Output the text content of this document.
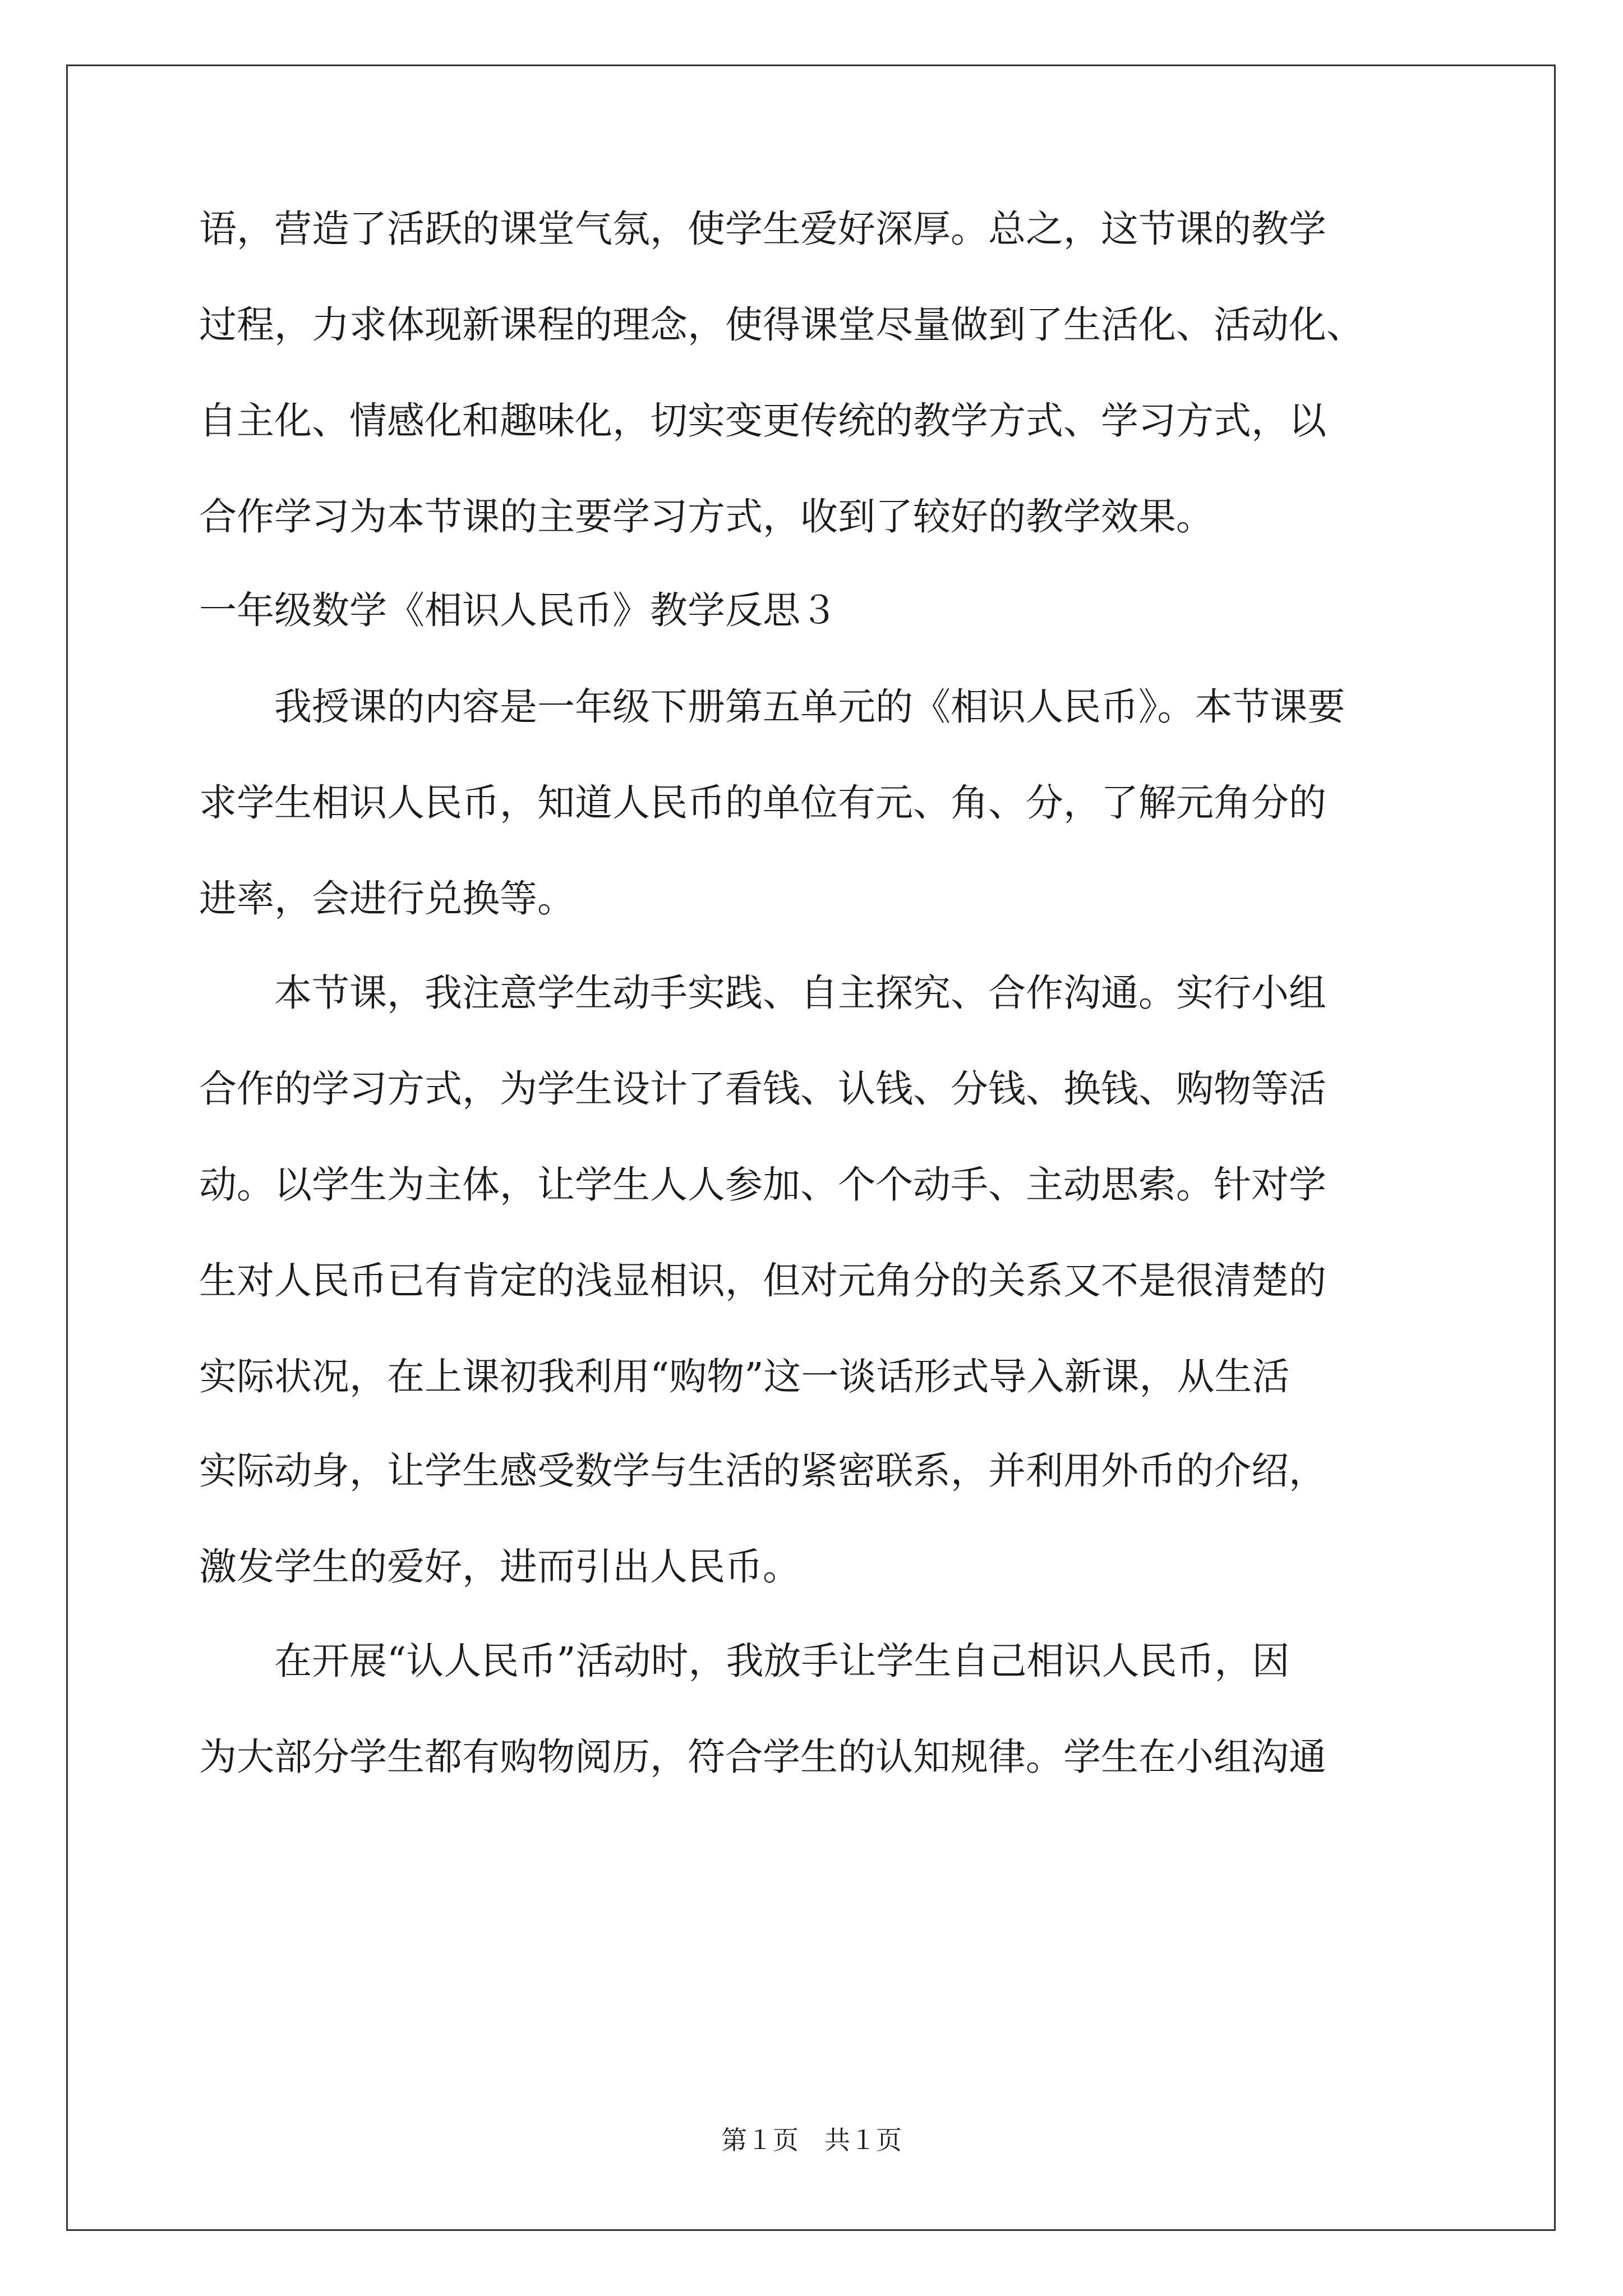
语，营造了活跃的课堂气氛，使学生爱好深厚。总之，这节课的教学
过程，力求体现新课程的理念，使得课堂尽量做到了生活化、活动化、
自主化、情感化和趣味化，切实变更传统的教学方式、学习方式，以
合作学习为本节课的主要学习方式，收到了较好的教学效果。
一年级数学《相识人民币》教学反思３
　　我授课的内容是一年级下册第五单元的《相识人民币》。本节课要
求学生相识人民币，知道人民币的单位有元、角、分，了解元角分的
进率，会进行兑换等。
　　本节课，我注意学生动手实践、自主探究、合作沟通。实行小组
合作的学习方式，为学生设计了看钱、认钱、分钱、换钱、购物等活
动。以学生为主体，让学生人人参加、个个动手、主动思索。针对学
生对人民币已有肯定的浅显相识，但对元角分的关系又不是很清楚的
实际状况，在上课初我利用“购物”这一谈话形式导入新课，从生活
实际动身，让学生感受数学与生活的紧密联系，并利用外币的介绍，
激发学生的爱好，进而引出人民币。
　　在开展“认人民币”活动时，我放手让学生自己相识人民币，因
为大部分学生都有购物阅历，符合学生的认知规律。学生在小组沟通
第１页　共１页
